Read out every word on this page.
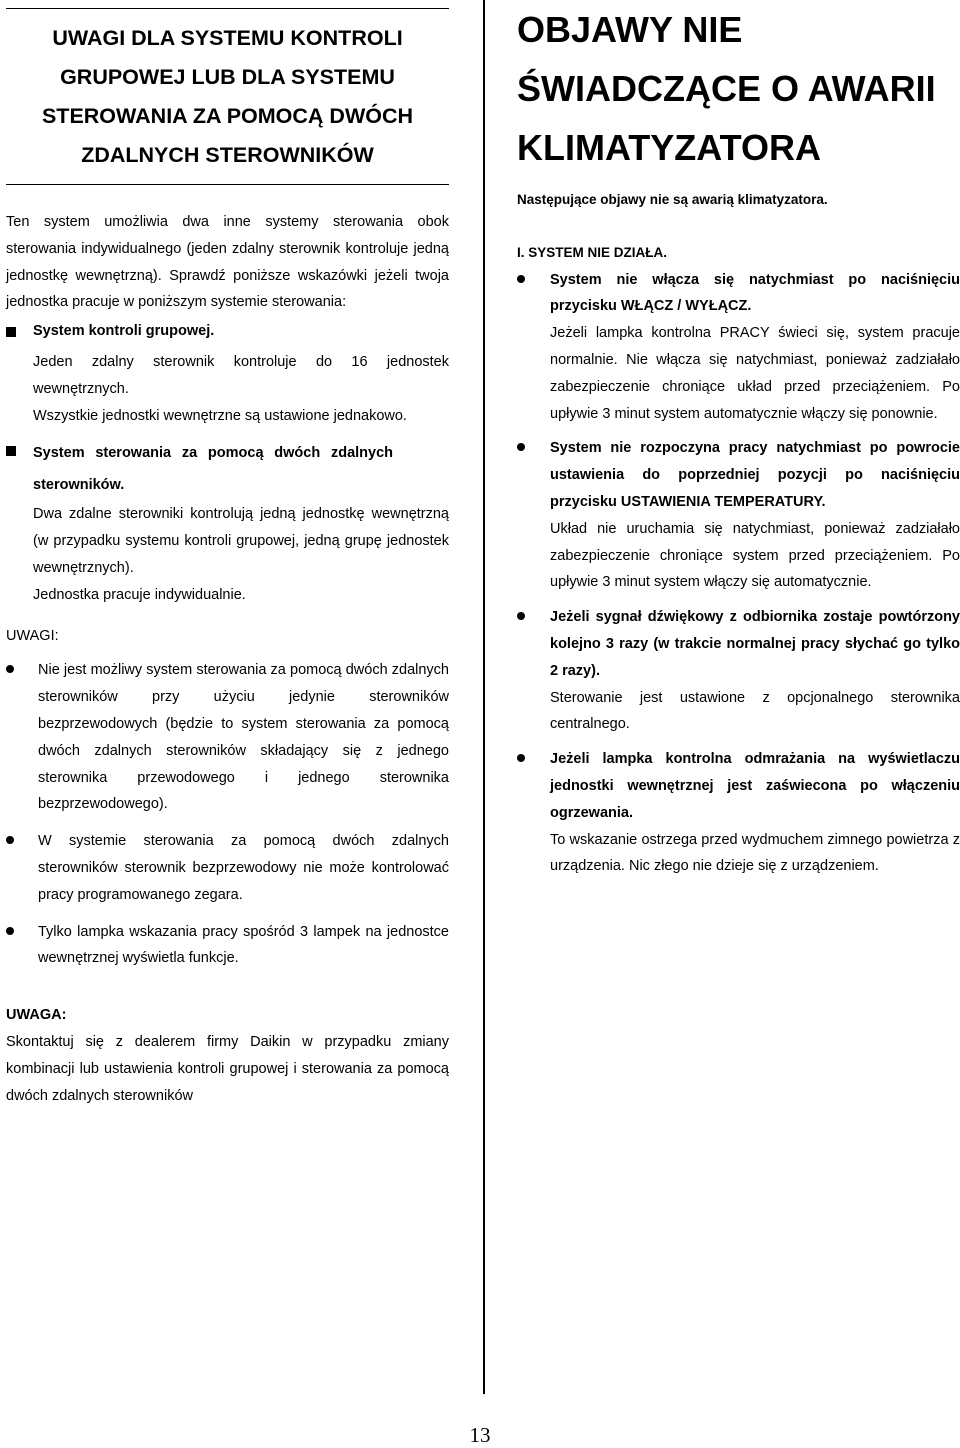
UWAGI DLA SYSTEMU KONTROLI
GRUPOWEJ LUB DLA SYSTEMU
STEROWANIA ZA POMOCĄ DWÓCH
ZDALNYCH STEROWNIKÓW
Ten system umożliwia dwa inne systemy sterowania obok sterowania indywidualnego (jeden zdalny sterownik kontroluje jedną jednostkę wewnętrzną). Sprawdź poniższe wskazówki jeżeli twoja jednostka pracuje w poniższym systemie sterowania:
System kontroli grupowej.
Jeden zdalny sterownik kontroluje do 16 jednostek wewnętrznych.
Wszystkie jednostki wewnętrzne są ustawione jednakowo.
System sterowania za pomocą dwóch zdalnych sterowników.
Dwa zdalne sterowniki kontrolują jedną jednostkę wewnętrzną (w przypadku systemu kontroli grupowej, jedną grupę jednostek wewnętrznych).
Jednostka pracuje indywidualnie.
UWAGI:
Nie jest możliwy system sterowania za pomocą dwóch zdalnych sterowników przy użyciu jedynie sterowników bezprzewodowych (będzie to system sterowania za pomocą dwóch zdalnych sterowników składający się z jednego sterownika przewodowego i jednego sterownika bezprzewodowego).
W systemie sterowania za pomocą dwóch zdalnych sterowników sterownik bezprzewodowy nie może kontrolować pracy programowanego zegara.
Tylko lampka wskazania pracy spośród 3 lampek na jednostce wewnętrznej wyświetla funkcje.
UWAGA:
Skontaktuj się z dealerem firmy Daikin w przypadku zmiany kombinacji lub ustawienia kontroli grupowej i sterowania za pomocą dwóch zdalnych sterowników
OBJAWY NIE
ŚWIADCZĄCE O AWARII
KLIMATYZATORA
Następujące objawy nie są awarią klimatyzatora.
I. SYSTEM NIE DZIAŁA.
System nie włącza się natychmiast po naciśnięciu przycisku WŁĄCZ / WYŁĄCZ.
Jeżeli lampka kontrolna PRACY świeci się, system pracuje normalnie. Nie włącza się natychmiast, ponieważ zadziałało zabezpieczenie chroniące układ przed przeciążeniem. Po upływie 3 minut system automatycznie włączy się ponownie.
System nie rozpoczyna pracy natychmiast po powrocie ustawienia do poprzedniej pozycji po naciśnięciu przycisku USTAWIENIA TEMPERATURY.
Układ nie uruchamia się natychmiast, ponieważ zadziałało zabezpieczenie chroniące system przed przeciążeniem. Po upływie 3 minut system włączy się automatycznie.
Jeżeli sygnał dźwiękowy z odbiornika zostaje powtórzony kolejno 3 razy (w trakcie normalnej pracy słychać go tylko 2 razy).
Sterowanie jest ustawione z opcjonalnego sterownika centralnego.
Jeżeli lampka kontrolna odmrażania na wyświetlaczu jednostki wewnętrznej jest zaświecona po włączeniu ogrzewania.
To wskazanie ostrzega przed wydmuchem zimnego powietrza z urządzenia. Nic złego nie dzieje się z urządzeniem.
13
